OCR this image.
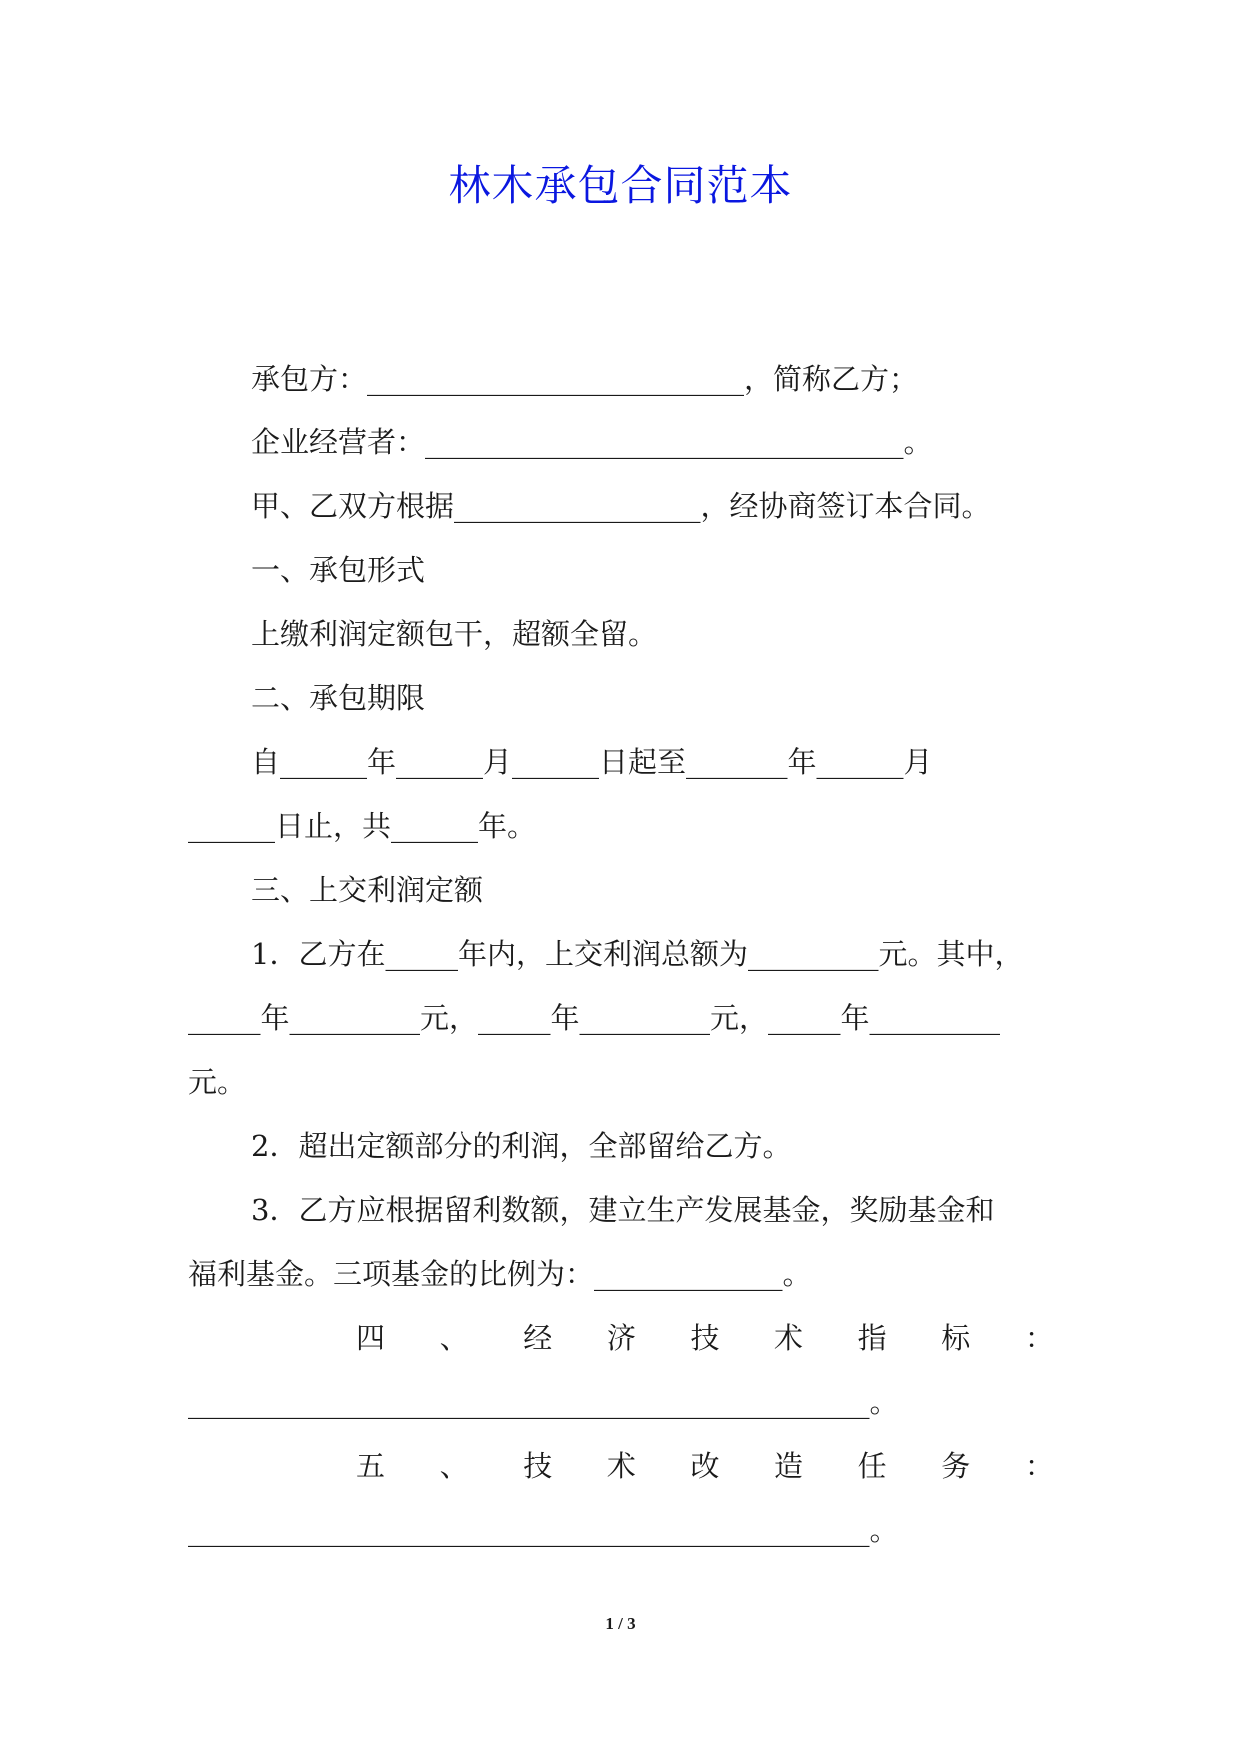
林木承包合同范本
承包方：__________________________，简称乙方；
企业经营者：_________________________________。
甲、乙双方根据_________________，经协商签订本合同。
一、承包形式
上缴利润定额包干，超额全留。
二、承包期限
自______年______月______日起至_______年______月
______日止，共______年。
三、上交利润定额
1．乙方在_____年内，上交利润总额为_________元。其中，
_____年_________元，_____年_________元，_____年_________
元。
2．超出定额部分的利润，全部留给乙方。
3．乙方应根据留利数额，建立生产发展基金，奖励基金和
福利基金。三项基金的比例为：_____________。
四 、 经 济 技 术 指 标 ：
_______________________________________________。
五 、 技 术 改 造 任 务 ：
_______________________________________________。
1 / 3
